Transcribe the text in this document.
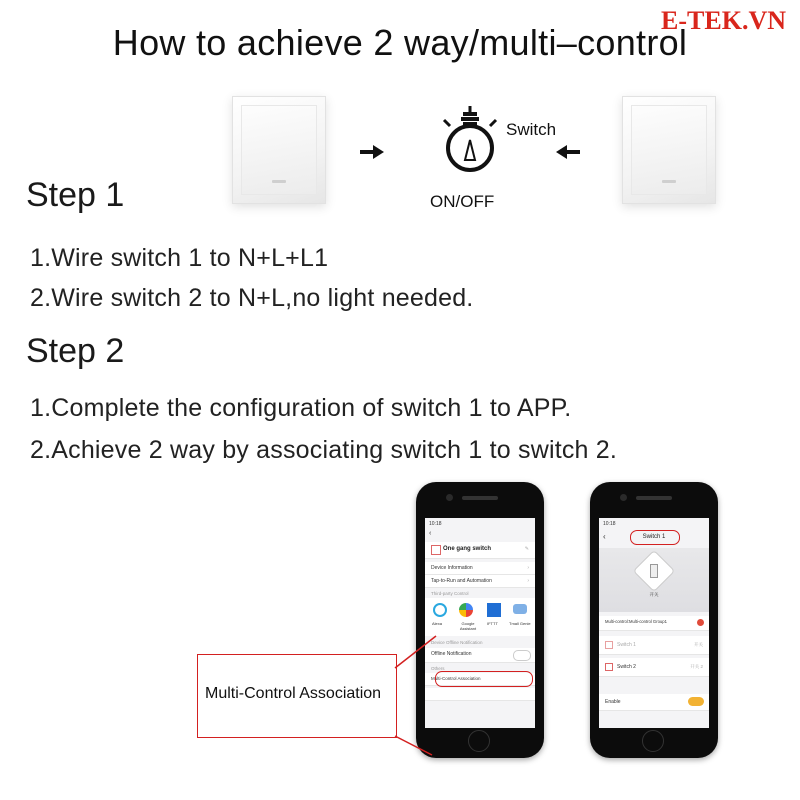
How to achieve 2 way/multi–control
E-TEK.VN
Switch
ON/OFF
Step 1
1.Wire switch 1 to N+L+L1
2.Wire switch 2 to N+L,no light needed.
Step 2
1.Complete the configuration of switch 1 to APP.
2.Achieve 2 way by associating switch 1 to switch 2.
10:18
‹
One gang switch	✎
Device Information	›
Tap-to-Run and Automation	›
Third-party Control
Alexa	Google Assistant
IFTTT	Tmall Genie
Device Offline Notification
Offline Notification
Others
Multi-Control Association
10:18
‹	Switch 1
开关
Multi-control:Multi-control Group1
Switch 1	开关
Switch 2	开关 2
Enable
Multi-Control Association
